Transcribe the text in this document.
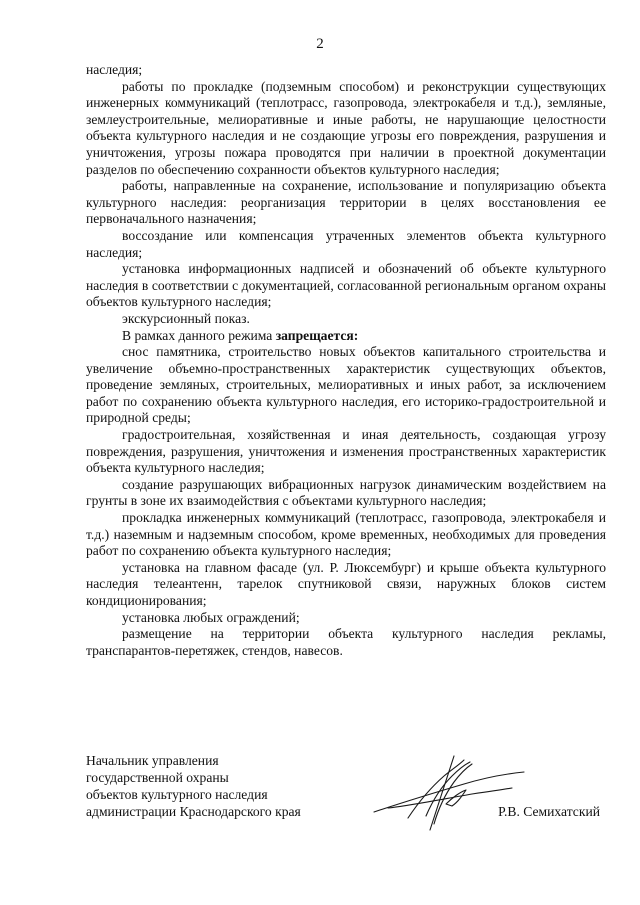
2

наследия;

работы по прокладке (подземным способом) и реконструкции существующих инженерных коммуникаций (теплотрасс, газопровода, электрокабеля и т.д.), земляные, землеустроительные, мелиоративные и иные работы, не нарушающие целостности объекта культурного наследия и не создающие угрозы его повреждения, разрушения и уничтожения, угрозы пожара проводятся при наличии в проектной документации разделов по обеспечению сохранности объектов культурного наследия;

работы, направленные на сохранение, использование и популяризацию объекта культурного наследия: реорганизация территории в целях восстановления ее первоначального назначения;

воссоздание или компенсация утраченных элементов объекта культурного наследия;

установка информационных надписей и обозначений об объекте культурного наследия в соответствии с документацией, согласованной региональным органом охраны объектов культурного наследия;

экскурсионный показ.

В рамках данного режима запрещается:

снос памятника, строительство новых объектов капитального строительства и увеличение объемно-пространственных характеристик существующих объектов, проведение земляных, строительных, мелиоративных и иных работ, за исключением работ по сохранению объекта культурного наследия, его историко-градостроительной и природной среды;

градостроительная, хозяйственная и иная деятельность, создающая угрозу повреждения, разрушения, уничтожения и изменения пространственных характеристик объекта культурного наследия;

создание разрушающих вибрационных нагрузок динамическим воздействием на грунты в зоне их взаимодействия с объектами культурного наследия;

прокладка инженерных коммуникаций (теплотрасс, газопровода, электрокабеля и т.д.) наземным и надземным способом, кроме временных, необходимых для проведения работ по сохранению объекта культурного наследия;

установка на главном фасаде (ул. Р. Люксембург) и крыше объекта культурного наследия телеантенн, тарелок спутниковой связи, наружных блоков систем кондиционирования;

установка любых ограждений;

размещение на территории объекта культурного наследия рекламы, транспарантов-перетяжек, стендов, навесов.

Начальник управления
государственной охраны
объектов культурного наследия
администрации Краснодарского края	Р.В. Семихатский
